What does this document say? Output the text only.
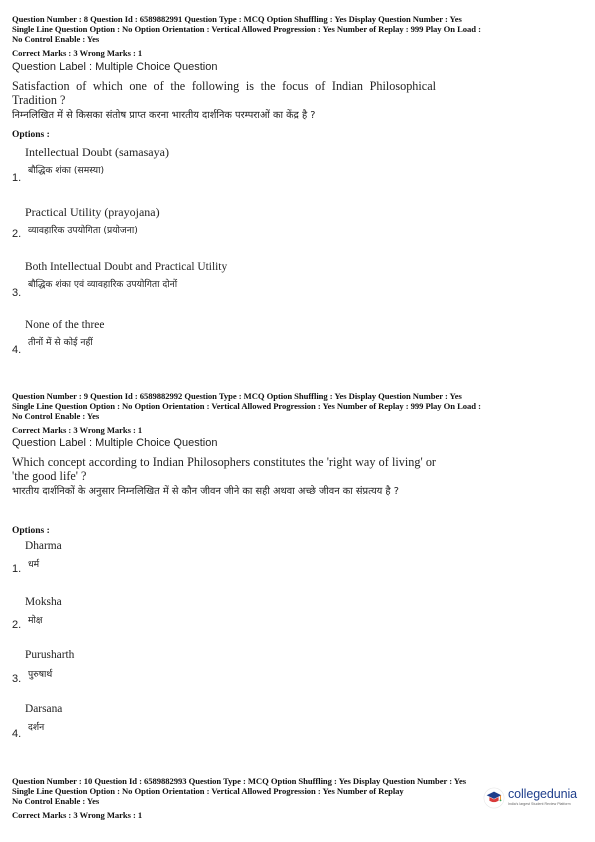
Question Number : 8 Question Id : 6589882991 Question Type : MCQ Option Shuffling : Yes Display Question Number : Yes
Single Line Question Option : No Option Orientation : Vertical Allowed Progression : Yes Number of Replay : 999 Play On Load :
No Control Enable : Yes
Correct Marks : 3 Wrong Marks : 1
Question Label : Multiple Choice Question
Satisfaction of which one of the following is the focus of Indian Philosophical Tradition ?
निम्नलिखित में से किसका संतोष प्राप्त करना भारतीय दार्शनिक परम्पराओं का केंद्र है ?
Options :
Intellectual Doubt (samasaya)
बौद्धिक शंका (समस्या)
1.
Practical Utility (prayojana)
व्यावहारिक उपयोगिता (प्रयोजना)
2.
Both Intellectual Doubt and Practical Utility
बौद्धिक शंका एवं व्यावहारिक उपयोगिता दोनों
3.
None of the three
तीनों में से कोई नहीं
4.
Question Number : 9 Question Id : 6589882992 Question Type : MCQ Option Shuffling : Yes Display Question Number : Yes
Single Line Question Option : No Option Orientation : Vertical Allowed Progression : Yes Number of Replay : 999 Play On Load :
No Control Enable : Yes
Correct Marks : 3 Wrong Marks : 1
Question Label : Multiple Choice Question
Which concept according to Indian Philosophers constitutes the 'right way of living' or 'the good life' ?
भारतीय दार्शनिकों के अनुसार निम्नलिखित में से कौन जीवन जीने का सही अथवा अच्छे जीवन का संप्रत्यय है ?
Options :
Dharma
धर्म
1.
Moksha
मोक्ष
2.
Purusharth
पुरुषार्थ
3.
Darsana
दर्शन
4.
Question Number : 10 Question Id : 6589882993 Question Type : MCQ Option Shuffling : Yes Display Question Number : Yes
Single Line Question Option : No Option Orientation : Vertical Allowed Progression : Yes Number of Replay
No Control Enable : Yes
Correct Marks : 3 Wrong Marks : 1
collegedunia
India's largest Student Review Platform
